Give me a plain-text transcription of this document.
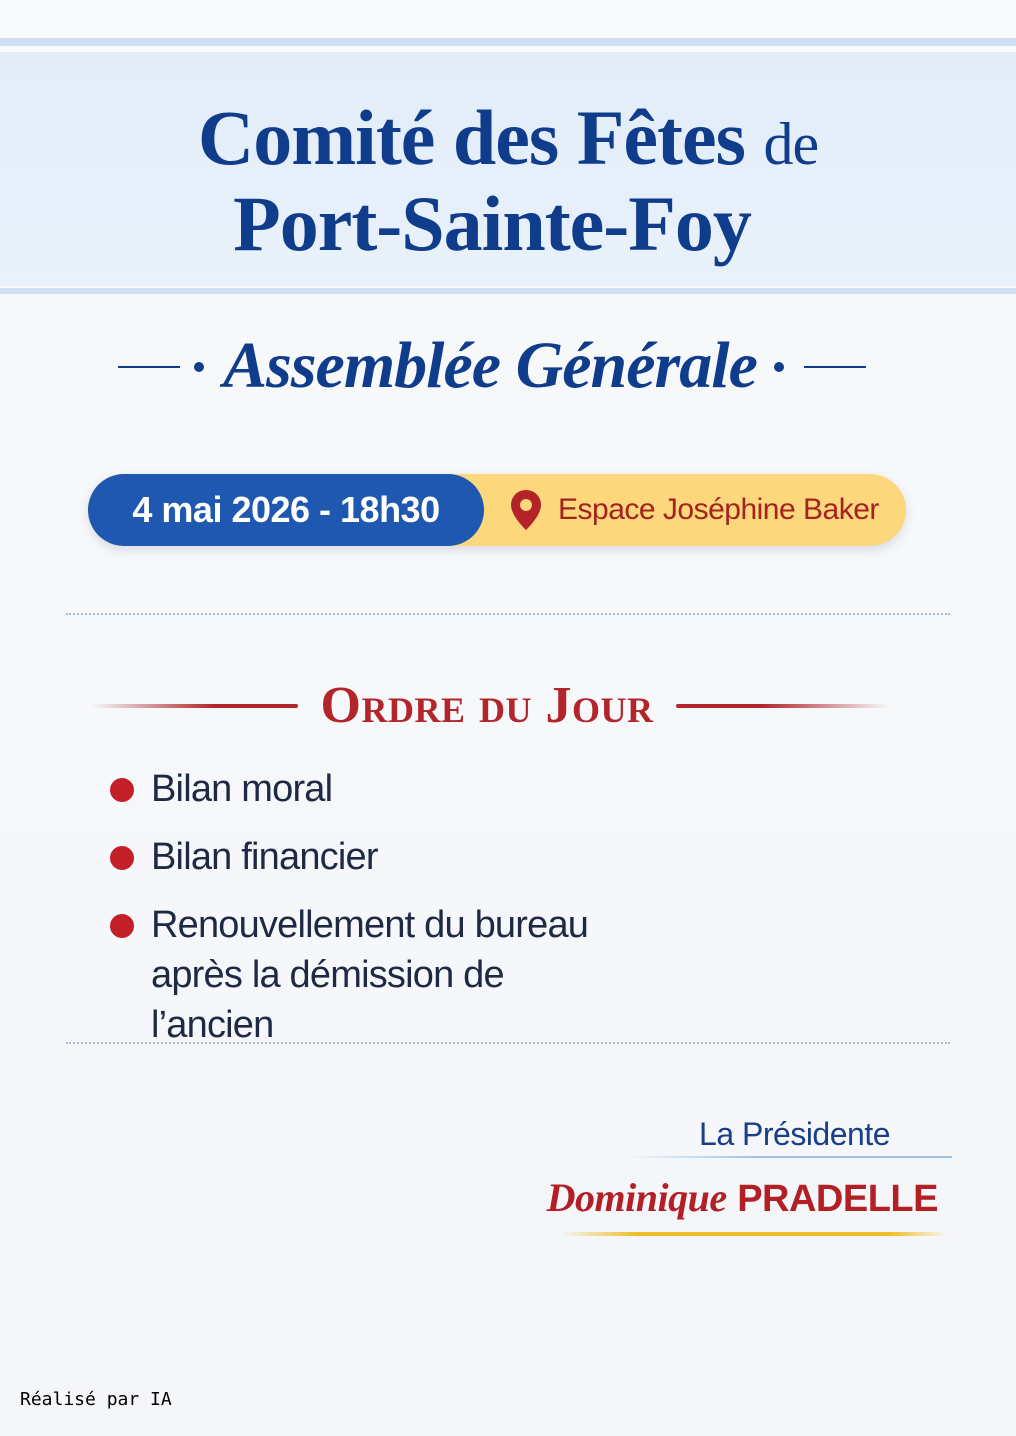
Comité des Fêtes de
Port-Sainte-Foy
Assemblée Générale
4 mai 2026 - 18h30	Espace Joséphine Baker
Ordre du Jour
Bilan moral
Bilan financier
Renouvellement du bureau après la démission de l’ancien
La Présidente
Dominique PRADELLE
Réalisé par IA
